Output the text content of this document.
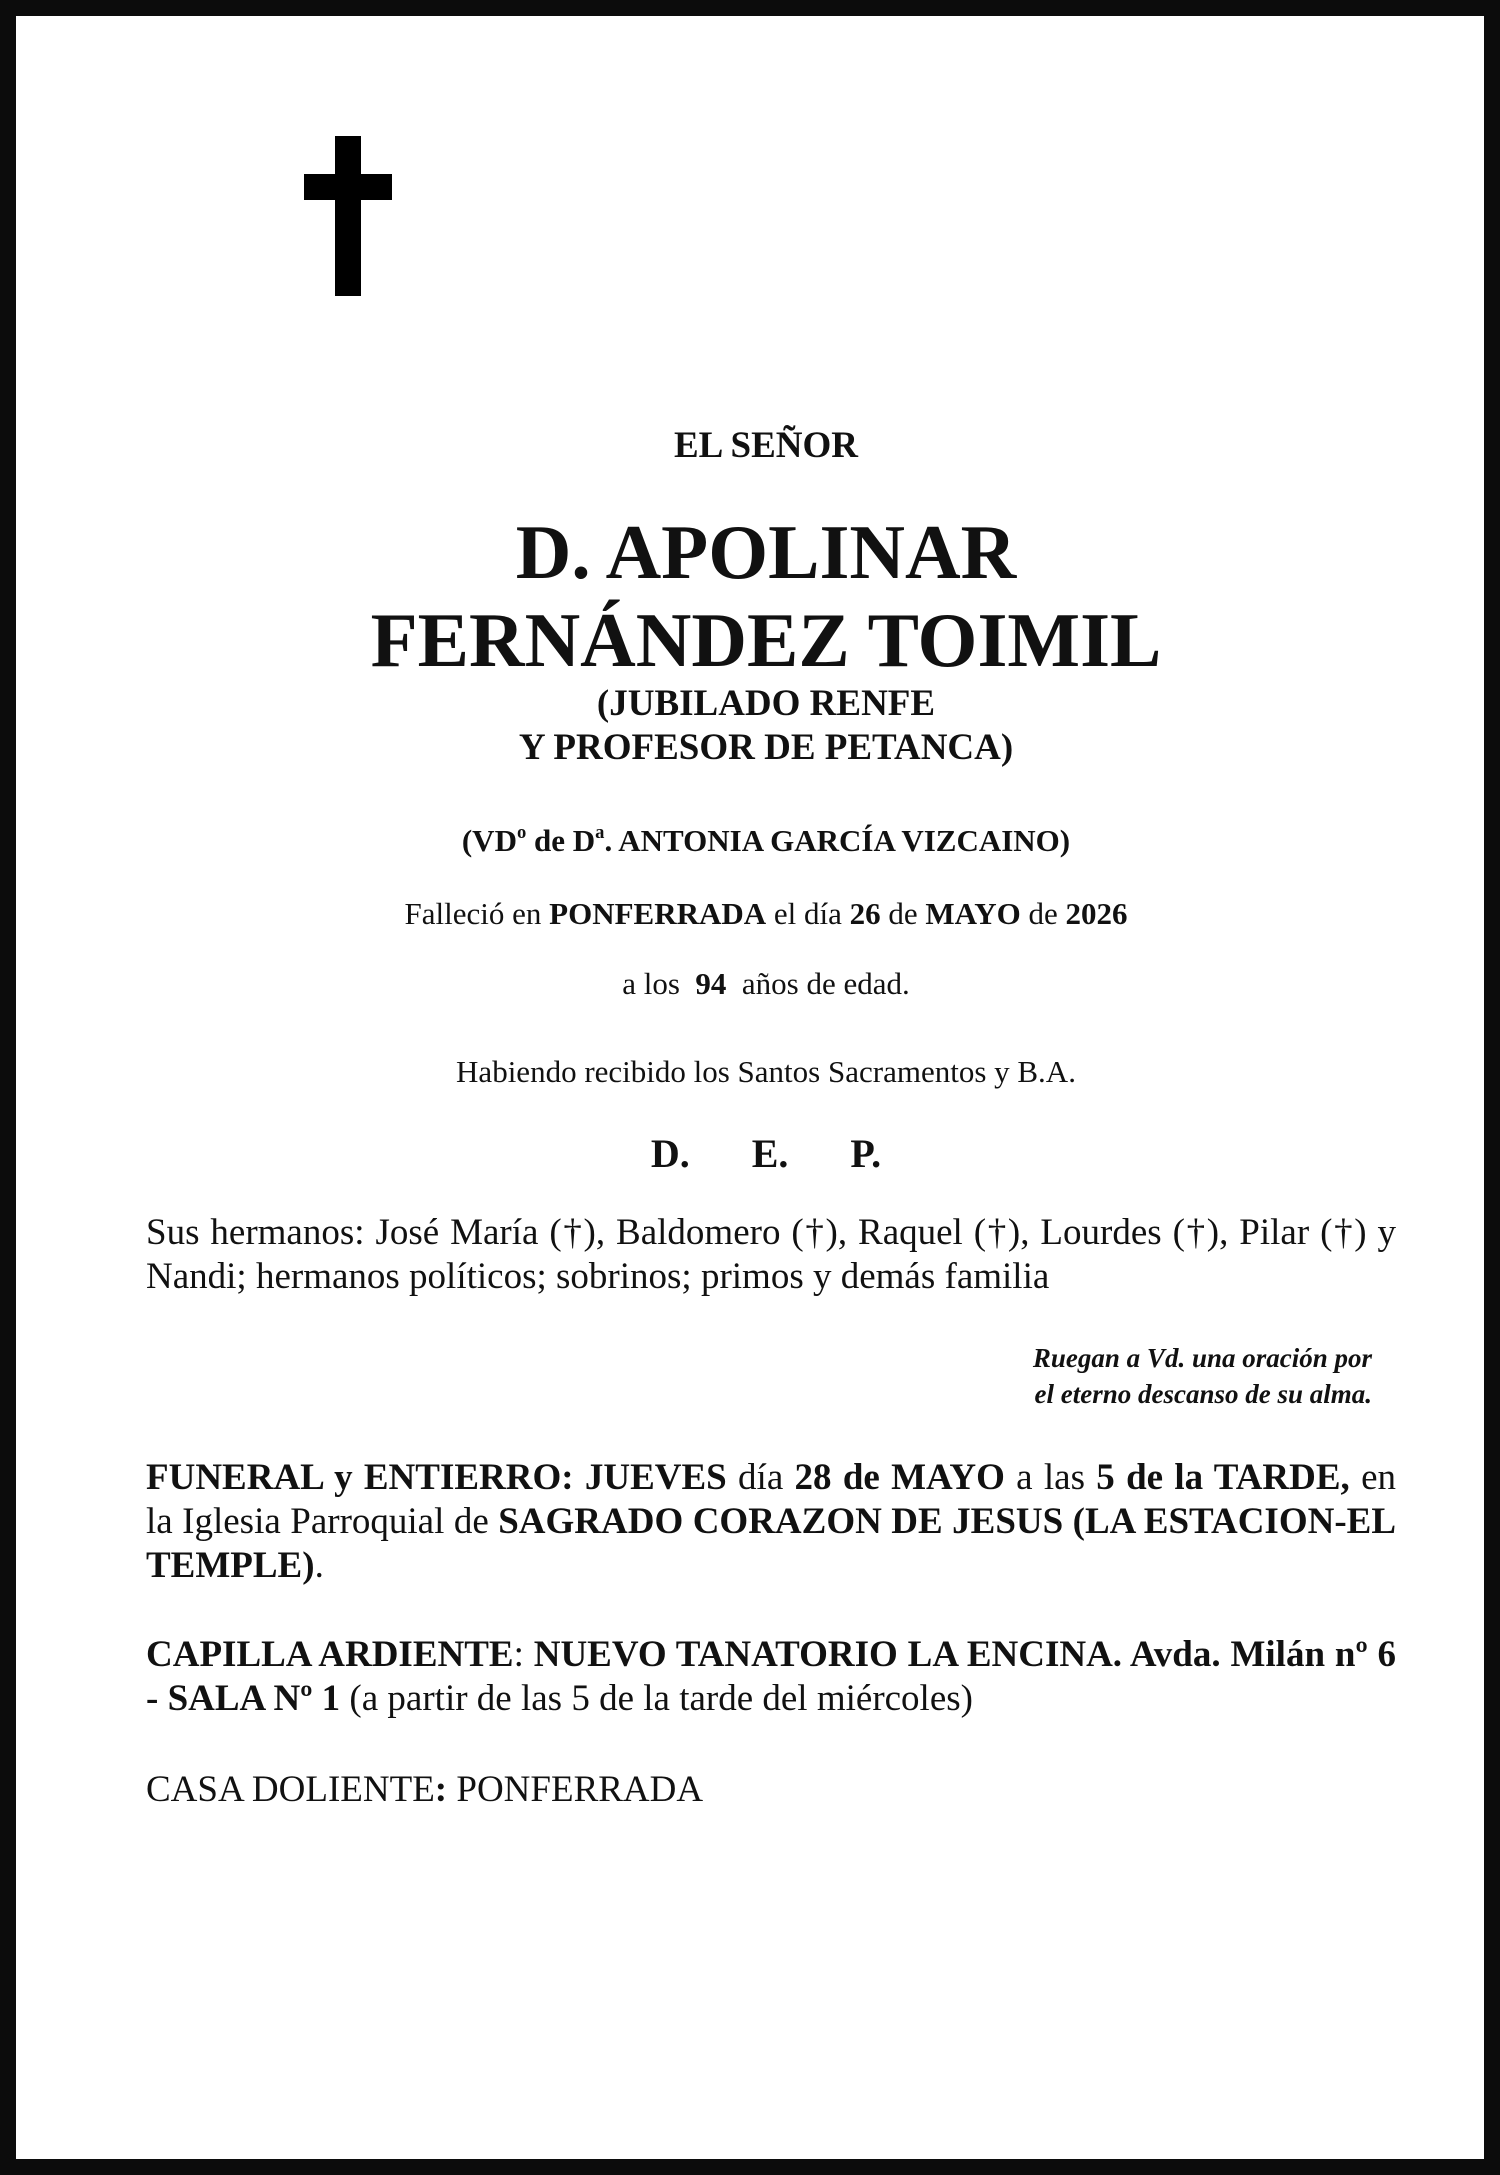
EL SEÑOR
D. APOLINAR
FERNÁNDEZ TOIMIL
(JUBILADO RENFE
Y PROFESOR DE PETANCA)
($VD^o$ de $D^a$. ANTONIA GARCÍA VIZCAINO)
Falleció en PONFERRADA el día 26 de MAYO de 2026
a los 94 años de edad.
Habiendo recibido los Santos Sacramentos y B.A.
D. E. P.
Sus hermanos: José María (†), Baldomero (†), Raquel (†), Lourdes (†), Pilar (†) y Nandi; hermanos políticos; sobrinos; primos y demás familia
Ruegan a Vd. una oración por
el eterno descanso de su alma.
FUNERAL y ENTIERRO: JUEVES día 28 de MAYO a las 5 de la TARDE, en la Iglesia Parroquial de SAGRADO CORAZON DE JESUS (LA ESTACION-EL TEMPLE).
CAPILLA ARDIENTE: NUEVO TANATORIO LA ENCINA. Avda. Milán nº 6 - SALA Nº 1 (a partir de las 5 de la tarde del miércoles)
CASA DOLIENTE: PONFERRADA
